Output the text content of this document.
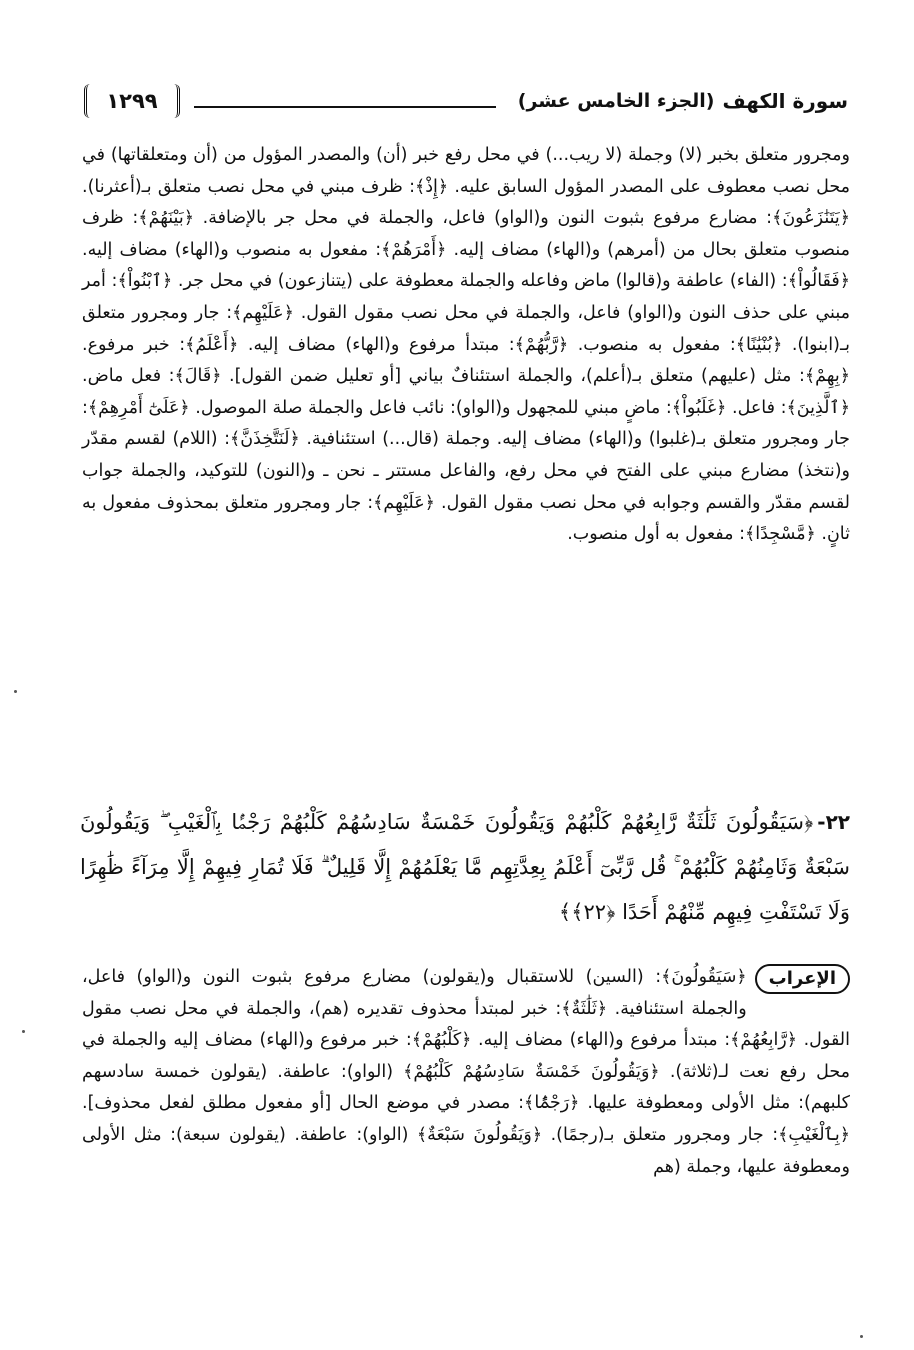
سورة الكهف
(الجزء الخامس عشر)
١٢٩٩

ومجرور متعلق بخبر (لا) وجملة (لا ريب...) في محل رفع خبر (أن) والمصدر المؤول من (أن ومتعلقاتها) في محل نصب معطوف على المصدر المؤول السابق عليه. ﴿إِذْ﴾: ظرف مبني في محل نصب متعلق بـ(أعثرنا). ﴿يَتَنَٰزَعُونَ﴾: مضارع مرفوع بثبوت النون و(الواو) فاعل، والجملة في محل جر بالإضافة. ﴿بَيْنَهُمْ﴾: ظرف منصوب متعلق بحال من (أمرهم) و(الهاء) مضاف إليه. ﴿أَمْرَهُمْ﴾: مفعول به منصوب و(الهاء) مضاف إليه. ﴿فَقَالُواْ﴾: (الفاء) عاطفة و(قالوا) ماض وفاعله والجملة معطوفة على (يتنازعون) في محل جر. ﴿ٱبْنُواْ﴾: أمر مبني على حذف النون و(الواو) فاعل، والجملة في محل نصب مقول القول. ﴿عَلَيْهِم﴾: جار ومجرور متعلق بـ(ابنوا). ﴿بُنْيَٰنًا﴾: مفعول به منصوب. ﴿رَّبُّهُمْ﴾: مبتدأ مرفوع و(الهاء) مضاف إليه. ﴿أَعْلَمُ﴾: خبر مرفوع. ﴿بِهِمْ﴾: مثل (عليهم) متعلق بـ(أعلم)، والجملة استئنافٌ بياني [أو تعليل ضمن القول]. ﴿قَالَ﴾: فعل ماض. ﴿ٱلَّذِينَ﴾: فاعل. ﴿غَلَبُواْ﴾: ماضٍ مبني للمجهول و(الواو): نائب فاعل والجملة صلة الموصول. ﴿عَلَىٰٓ أَمْرِهِمْ﴾: جار ومجرور متعلق بـ(غلبوا) و(الهاء) مضاف إليه. وجملة (قال...) استئنافية. ﴿لَنَتَّخِذَنَّ﴾: (اللام) لقسم مقدّر و(نتخذ) مضارع مبني على الفتح في محل رفع، والفاعل مستتر ـ نحن ـ و(النون) للتوكيد، والجملة جواب لقسم مقدّر والقسم وجوابه في محل نصب مقول القول. ﴿عَلَيْهِم﴾: جار ومجرور متعلق بمحذوف مفعول به ثانٍ. ﴿مَّسْجِدًا﴾: مفعول به أول منصوب.

٢٢-﴿سَيَقُولُونَ ثَلَٰثَةٌ رَّابِعُهُمْ كَلْبُهُمْ وَيَقُولُونَ خَمْسَةٌ سَادِسُهُمْ كَلْبُهُمْ رَجْمًۢا بِٱلْغَيْبِ ۖ وَيَقُولُونَ سَبْعَةٌ وَثَامِنُهُمْ كَلْبُهُمْ ۚ قُل رَّبِّىٓ أَعْلَمُ بِعِدَّتِهِم مَّا يَعْلَمُهُمْ إِلَّا قَلِيلٌ ۗ فَلَا تُمَارِ فِيهِمْ إِلَّا مِرَآءً ظَٰهِرًا وَلَا تَسْتَفْتِ فِيهِم مِّنْهُمْ أَحَدًا ﴿٢٢﴾﴾

الإعراب
﴿سَيَقُولُونَ﴾: (السين) للاستقبال و(يقولون) مضارع مرفوع بثبوت النون و(الواو) فاعل، والجملة استئنافية. ﴿ثَلَٰثَةٌ﴾: خبر لمبتدأ محذوف تقديره (هم)، والجملة في محل نصب مقول القول. ﴿رَّابِعُهُمْ﴾: مبتدأ مرفوع و(الهاء) مضاف إليه. ﴿كَلْبُهُمْ﴾: خبر مرفوع و(الهاء) مضاف إليه والجملة في محل رفع نعت لـ(ثلاثة). ﴿وَيَقُولُونَ خَمْسَةٌ سَادِسُهُمْ كَلْبُهُمْ﴾ (الواو): عاطفة. (يقولون خمسة سادسهم كلبهم): مثل الأولى ومعطوفة عليها. ﴿رَجْمًۢا﴾: مصدر في موضع الحال [أو مفعول مطلق لفعل محذوف]. ﴿بِٱلْغَيْبِ﴾: جار ومجرور متعلق بـ(رجمًا). ﴿وَيَقُولُونَ سَبْعَةٌ﴾ (الواو): عاطفة. (يقولون سبعة): مثل الأولى ومعطوفة عليها، وجملة (هم
